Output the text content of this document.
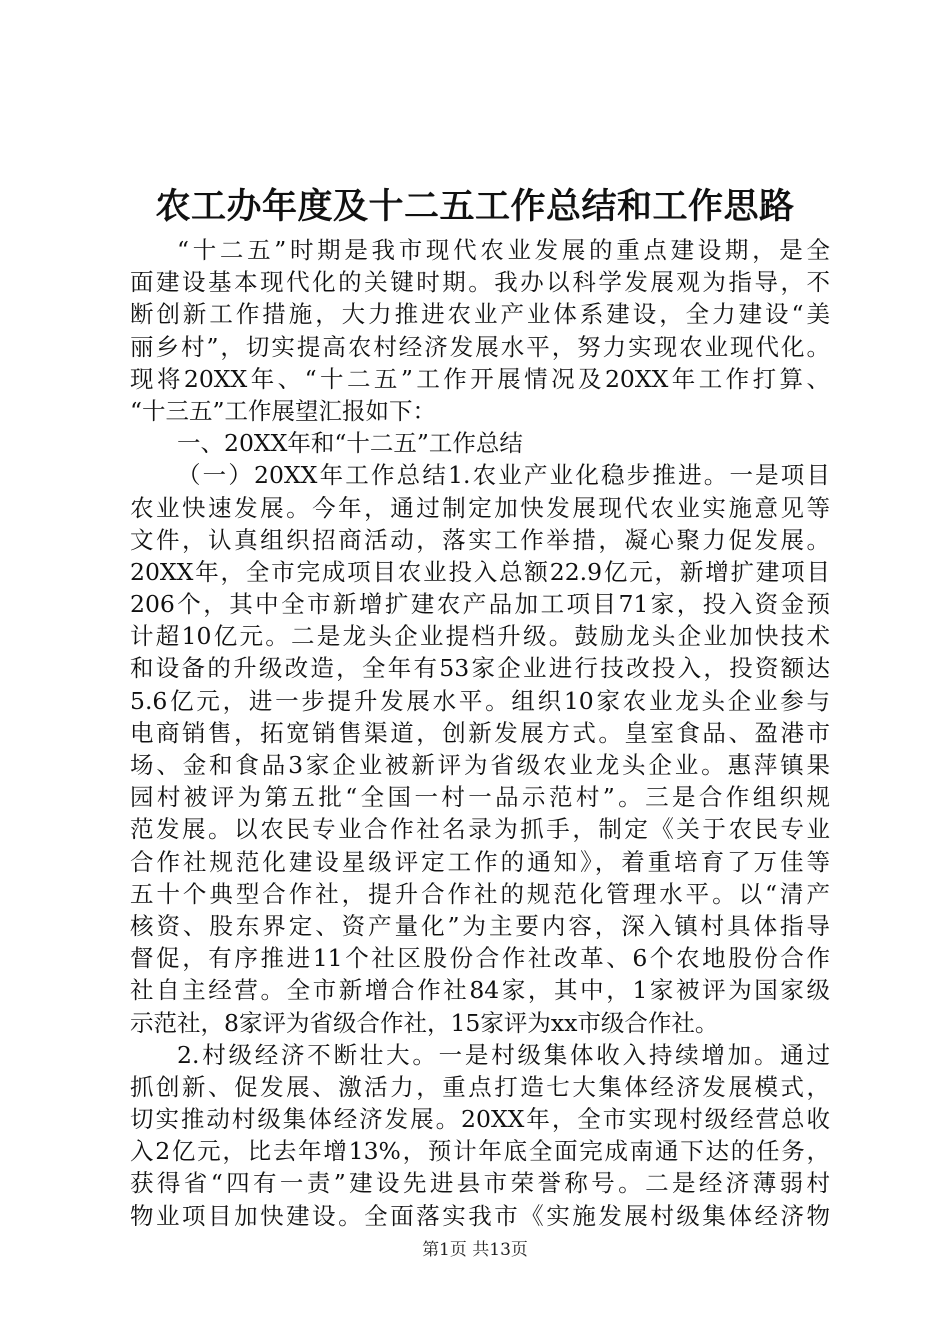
农工办年度及十二五工作总结和工作思路
“十二五”时期是我市现代农业发展的重点建设期，是全
面建设基本现代化的关键时期。我办以科学发展观为指导，不
断创新工作措施，大力推进农业产业体系建设，全力建设“美
丽乡村”，切实提高农村经济发展水平，努力实现农业现代化。
现将20XX年、“十二五”工作开展情况及20XX年工作打算、
“十三五”工作展望汇报如下：
一、20XX年和“十二五”工作总结
（一）20XX年工作总结1.农业产业化稳步推进。一是项目
农业快速发展。今年，通过制定加快发展现代农业实施意见等
文件，认真组织招商活动，落实工作举措，凝心聚力促发展。
20XX年，全市完成项目农业投入总额22.9亿元，新增扩建项目
206个，其中全市新增扩建农产品加工项目71家，投入资金预
计超10亿元。二是龙头企业提档升级。鼓励龙头企业加快技术
和设备的升级改造，全年有53家企业进行技改投入，投资额达
5.6亿元，进一步提升发展水平。组织10家农业龙头企业参与
电商销售，拓宽销售渠道，创新发展方式。皇室食品、盈港市
场、金和食品3家企业被新评为省级农业龙头企业。惠萍镇果
园村被评为第五批“全国一村一品示范村”。三是合作组织规
范发展。以农民专业合作社名录为抓手，制定《关于农民专业
合作社规范化建设星级评定工作的通知》，着重培育了万佳等
五十个典型合作社，提升合作社的规范化管理水平。以“清产
核资、股东界定、资产量化”为主要内容，深入镇村具体指导
督促，有序推进11个社区股份合作社改革、6个农地股份合作
社自主经营。全市新增合作社84家，其中，1家被评为国家级
示范社，8家评为省级合作社，15家评为xx市级合作社。
2.村级经济不断壮大。一是村级集体收入持续增加。通过
抓创新、促发展、激活力，重点打造七大集体经济发展模式，
切实推动村级集体经济发展。20XX年，全市实现村级经营总收
入2亿元，比去年增13%，预计年底全面完成南通下达的任务，
获得省“四有一责”建设先进县市荣誉称号。二是经济薄弱村
物业项目加快建设。全面落实我市《实施发展村级集体经济物
第1页 共13页
